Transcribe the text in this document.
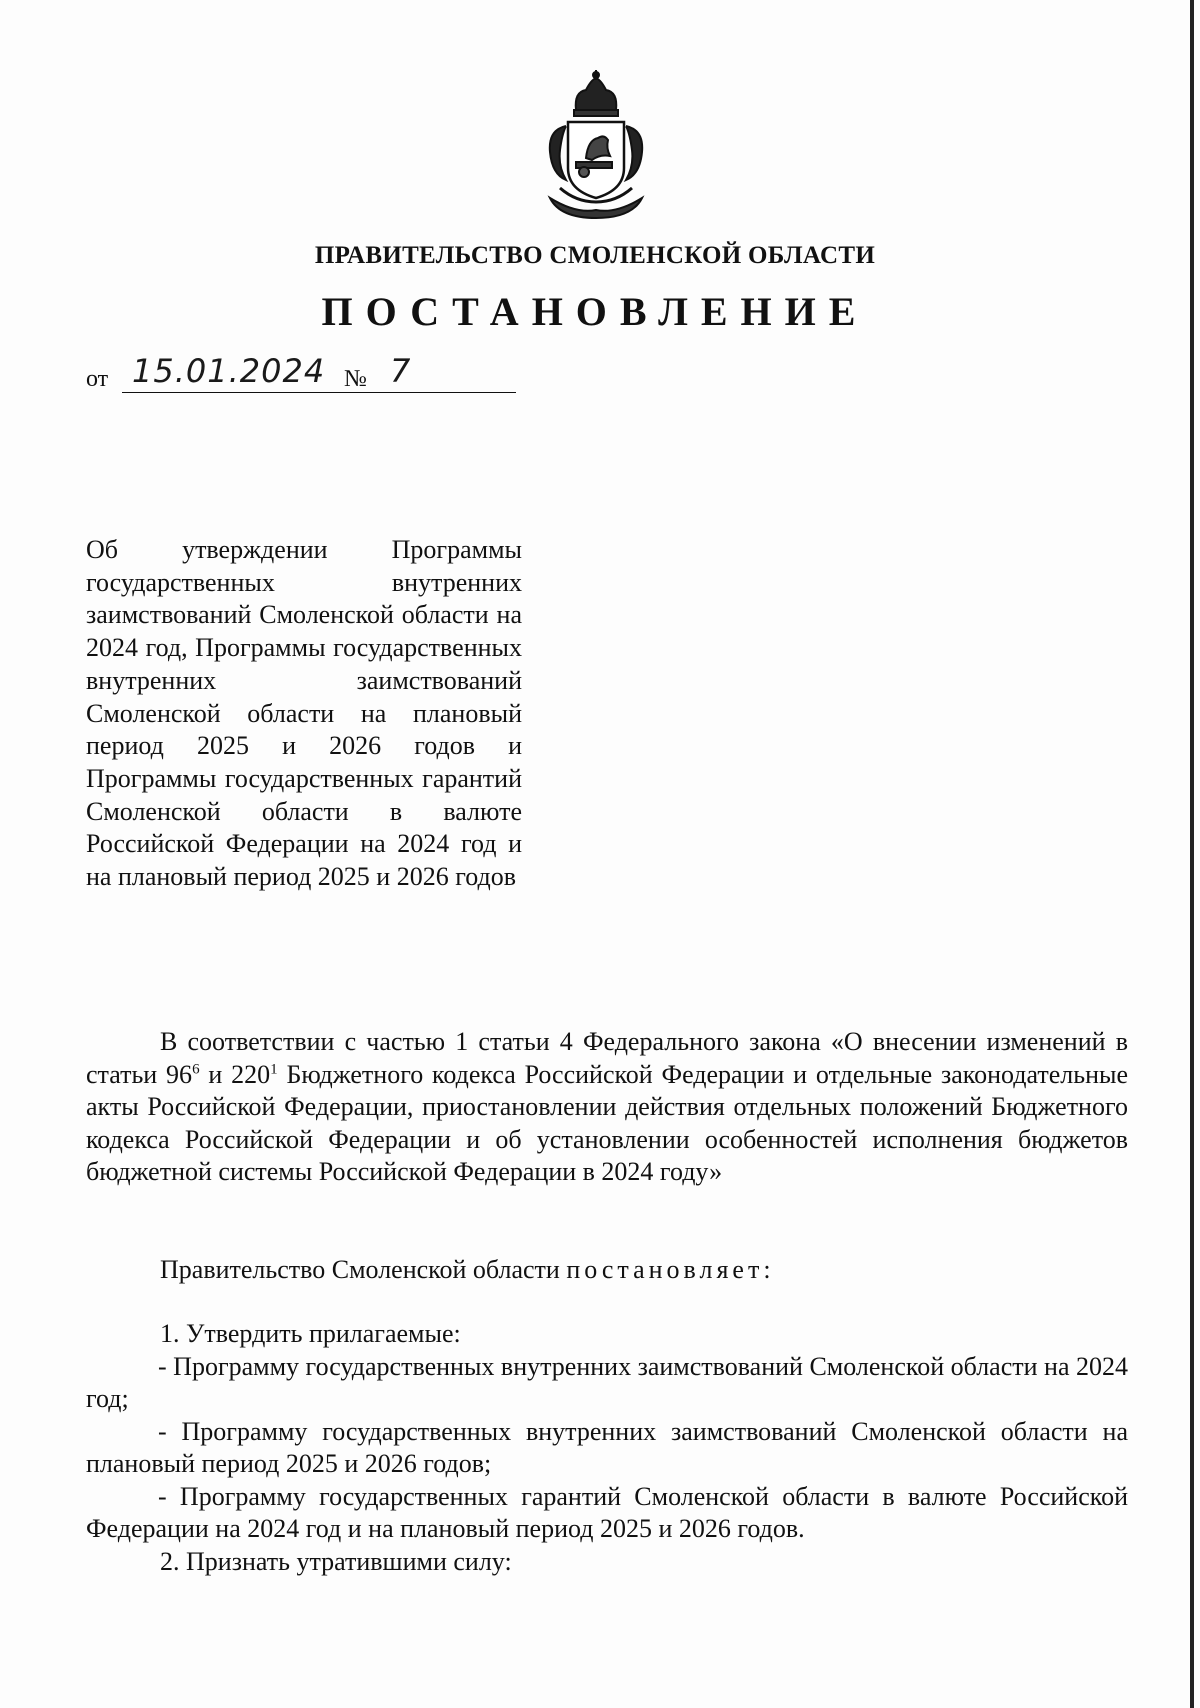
ПРАВИТЕЛЬСТВО СМОЛЕНСКОЙ ОБЛАСТИ
ПОСТАНОВЛЕНИЕ
от 15.01.2024 № 7
Об утверждении Программы государственных внутренних заимствований Смоленской области на 2024 год, Программы государственных внутренних заимствований Смоленской области на плановый период 2025 и 2026 годов и Программы государственных гарантий Смоленской области в валюте Российской Федерации на 2024 год и на плановый период 2025 и 2026 годов
В соответствии с частью 1 статьи 4 Федерального закона «О внесении изменений в статьи $96^6$ и $220^1$ Бюджетного кодекса Российской Федерации и отдельные законодательные акты Российской Федерации, приостановлении действия отдельных положений Бюджетного кодекса Российской Федерации и об установлении особенностей исполнения бюджетов бюджетной системы Российской Федерации в 2024 году»
Правительство Смоленской области постановляет:

1. Утвердить прилагаемые:

- Программу государственных внутренних заимствований Смоленской области на 2024 год;

- Программу государственных внутренних заимствований Смоленской области на плановый период 2025 и 2026 годов;

- Программу государственных гарантий Смоленской области в валюте Российской Федерации на 2024 год и на плановый период 2025 и 2026 годов.

2. Признать утратившими силу:
